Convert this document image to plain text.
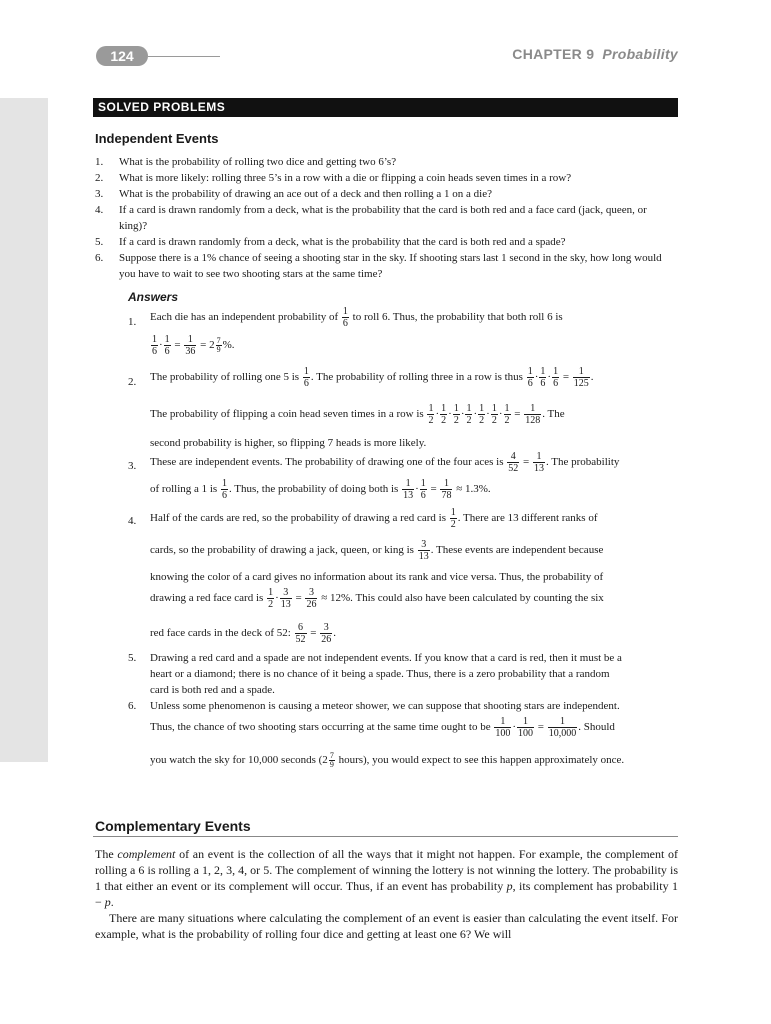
124	CHAPTER 9 Probability
SOLVED PROBLEMS
Independent Events
1. What is the probability of rolling two dice and getting two 6’s?
2. What is more likely: rolling three 5’s in a row with a die or flipping a coin heads seven times in a row?
3. What is the probability of drawing an ace out of a deck and then rolling a 1 on a die?
4. If a card is drawn randomly from a deck, what is the probability that the card is both red and a face card (jack, queen, or king)?
5. If a card is drawn randomly from a deck, what is the probability that the card is both red and a spade?
6. Suppose there is a 1% chance of seeing a shooting star in the sky. If shooting stars last 1 second in the sky, how long would you have to wait to see two shooting stars at the same time?
Answers
1. Each die has an independent probability of $\frac{1}{6}$ to roll 6. Thus, the probability that both roll 6 is
$\frac{1}{6} \cdot \frac{1}{6} = \frac{1}{36} = 2 \frac{7}{9}$ %.
2. The probability of rolling one 5 is $\frac{1}{6}$ . The probability of rolling three in a row is thus $\frac{1}{6} \cdot \frac{1}{6} \cdot \frac{1}{6} = \frac{1}{125}$ .
The probability of flipping a coin head seven times in a row is $\frac{1}{2} \cdot \frac{1}{2} \cdot \frac{1}{2} \cdot \frac{1}{2} \cdot \frac{1}{2} \cdot \frac{1}{2} \cdot \frac{1}{2} = \frac{1}{128}$ . The
second probability is higher, so flipping 7 heads is more likely.
3. These are independent events. The probability of drawing one of the four aces is $\frac{4}{52} = \frac{1}{13}$ . The probability
of rolling a 1 is $\frac{1}{6}$ . Thus, the probability of doing both is $\frac{1}{13} \cdot \frac{1}{6} = \frac{1}{78} \approx 1.3\%$.
4. Half of the cards are red, so the probability of drawing a red card is $\frac{1}{2}$ . There are 13 different ranks of
cards, so the probability of drawing a jack, queen, or king is $\frac{3}{13}$ . These events are independent because
knowing the color of a card gives no information about its rank and vice versa. Thus, the probability of
drawing a red face card is $\frac{1}{2} \cdot \frac{3}{13} = \frac{3}{26} \approx 12\%$. This could also have been calculated by counting the six
red face cards in the deck of 52: $\frac{6}{52} = \frac{3}{26}$ .
5. Drawing a red card and a spade are not independent events. If you know that a card is red, then it must be a
heart or a diamond; there is no chance of it being a spade. Thus, there is a zero probability that a random
card is both red and a spade.
6. Unless some phenomenon is causing a meteor shower, we can suppose that shooting stars are independent.
Thus, the chance of two shooting stars occurring at the same time ought to be $\frac{1}{100} \cdot \frac{1}{100} = \frac{1}{10,000}$ . Should
you watch the sky for 10,000 seconds ($2 \frac{7}{9}$ hours), you would expect to see this happen approximately once.
Complementary Events
The complement of an event is the collection of all the ways that it might not happen. For example, the complement of rolling a 6 is rolling a 1, 2, 3, 4, or 5. The complement of winning the lottery is not winning the lottery. The probability is 1 that either an event or its complement will occur. Thus, if an event has probability p, its complement has probability 1 − p.
There are many situations where calculating the complement of an event is easier than calculating the event itself. For example, what is the probability of rolling four dice and getting at least one 6? We will
